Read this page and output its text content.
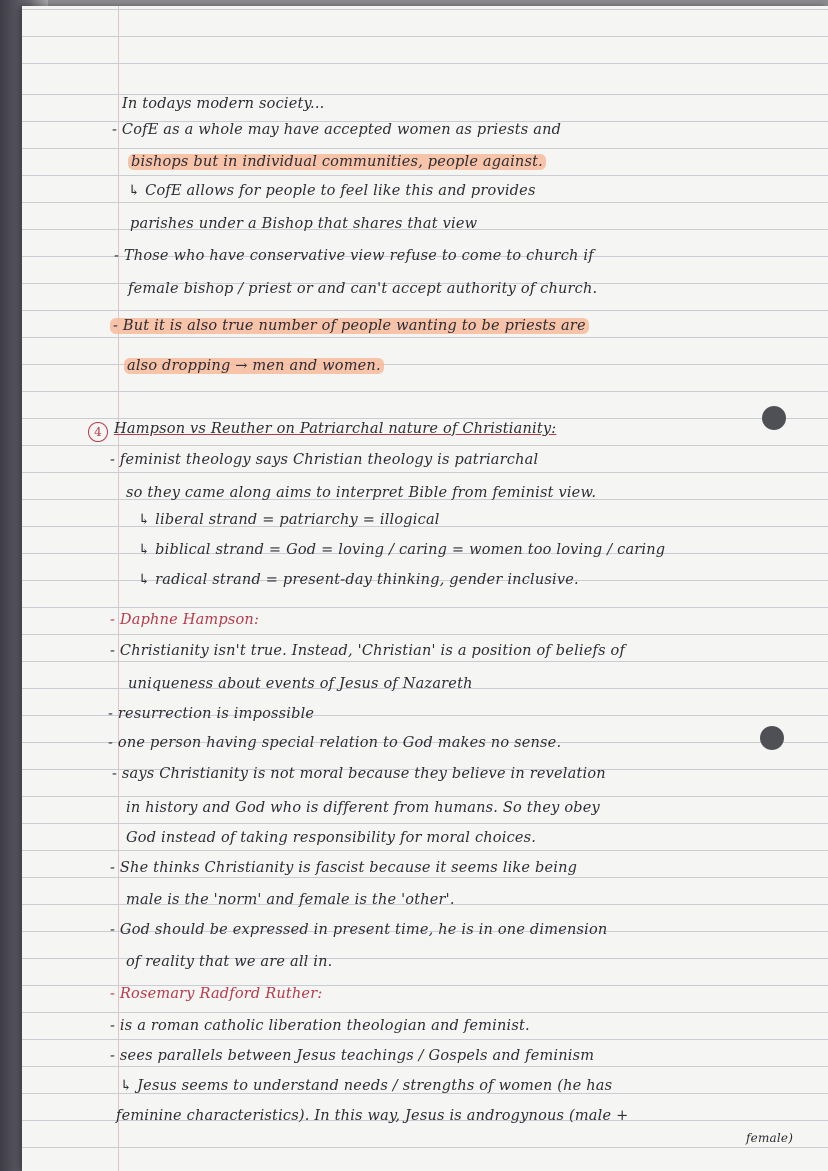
In todays modern society...
- CofE as a whole may have accepted women as priests and
bishops but in individual communities, people against.
↳ CofE allows for people to feel like this and provides
parishes under a Bishop that shares that view
- Those who have conservative view refuse to come to church if
female bishop / priest or and can't accept authority of church.
- But it is also true number of people wanting to be priests are
also dropping → men and women.
4 Hampson vs Reuther on Patriarchal nature of Christianity:
- feminist theology says Christian theology is patriarchal
so they came along aims to interpret Bible from feminist view.
↳ liberal strand = patriarchy = illogical
↳ biblical strand = God = loving / caring = women too loving / caring
↳ radical strand = present-day thinking, gender inclusive.
- Daphne Hampson:
- Christianity isn't true. Instead, 'Christian' is a position of beliefs of
uniqueness about events of Jesus of Nazareth
- resurrection is impossible
- one person having special relation to God makes no sense.
- says Christianity is not moral because they believe in revelation
in history and God who is different from humans. So they obey
God instead of taking responsibility for moral choices.
- She thinks Christianity is fascist because it seems like being
male is the 'norm' and female is the 'other'.
- God should be expressed in present time, he is in one dimension
of reality that we are all in.
- Rosemary Radford Ruther:
- is a roman catholic liberation theologian and feminist.
- sees parallels between Jesus teachings / Gospels and feminism
↳ Jesus seems to understand needs / strengths of women (he has
feminine characteristics). In this way, Jesus is androgynous (male +
female)
